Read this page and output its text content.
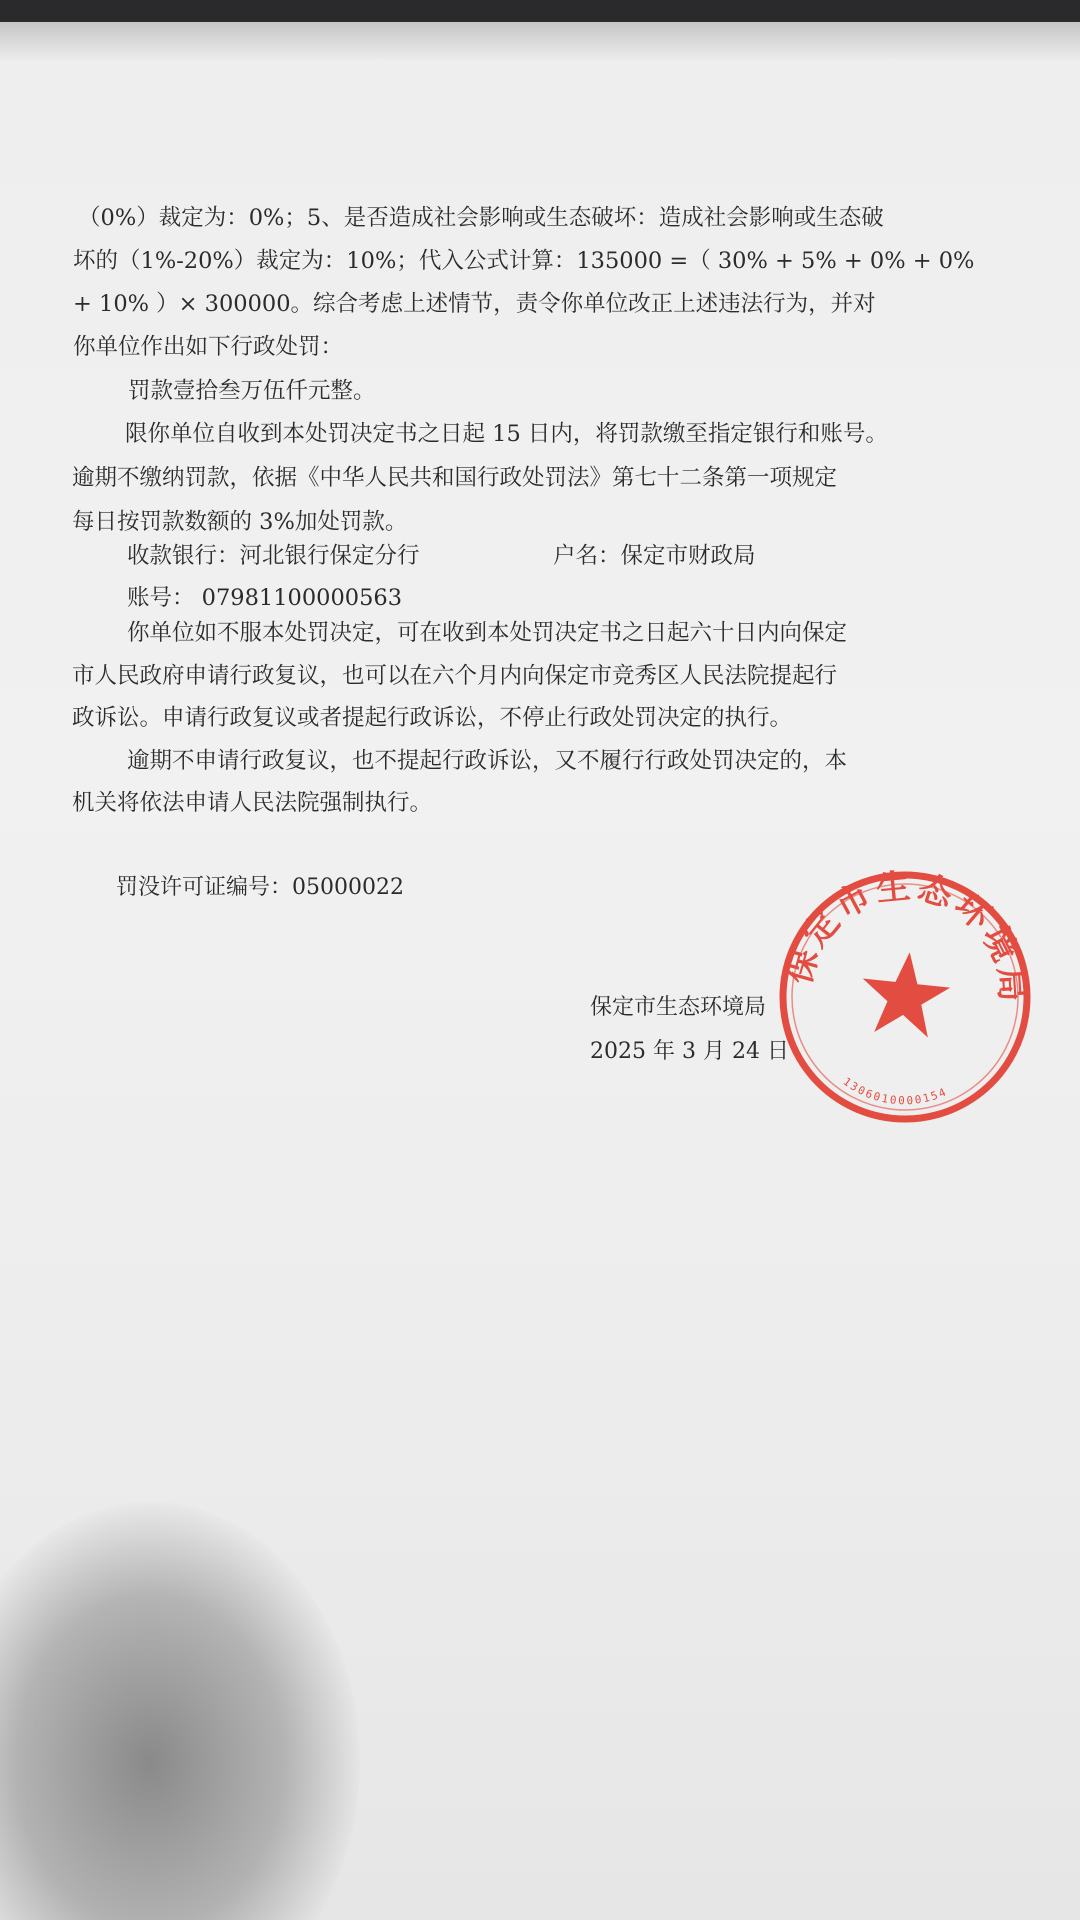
（0%）裁定为：0%；5、是否造成社会影响或生态破坏：造成社会影响或生态破
坏的（1%-20%）裁定为：10%；代入公式计算：135000 =（ 30% + 5% + 0% + 0%
+ 10% ）× 300000。综合考虑上述情节，责令你单位改正上述违法行为，并对
你单位作出如下行政处罚：
罚款壹拾叁万伍仟元整。
限你单位自收到本处罚决定书之日起 15 日内，将罚款缴至指定银行和账号。
逾期不缴纳罚款，依据《中华人民共和国行政处罚法》第七十二条第一项规定
每日按罚款数额的 3%加处罚款。
收款银行：河北银行保定分行	户名：保定市财政局
账号： 07981100000563
你单位如不服本处罚决定，可在收到本处罚决定书之日起六十日内向保定
市人民政府申请行政复议，也可以在六个月内向保定市竞秀区人民法院提起行
政诉讼。申请行政复议或者提起行政诉讼，不停止行政处罚决定的执行。
逾期不申请行政复议，也不提起行政诉讼，又不履行行政处罚决定的，本
机关将依法申请人民法院强制执行。
罚没许可证编号：05000022
保定市生态环境局
2025 年 3 月 24 日
保定市生态环境局
1306010000154
